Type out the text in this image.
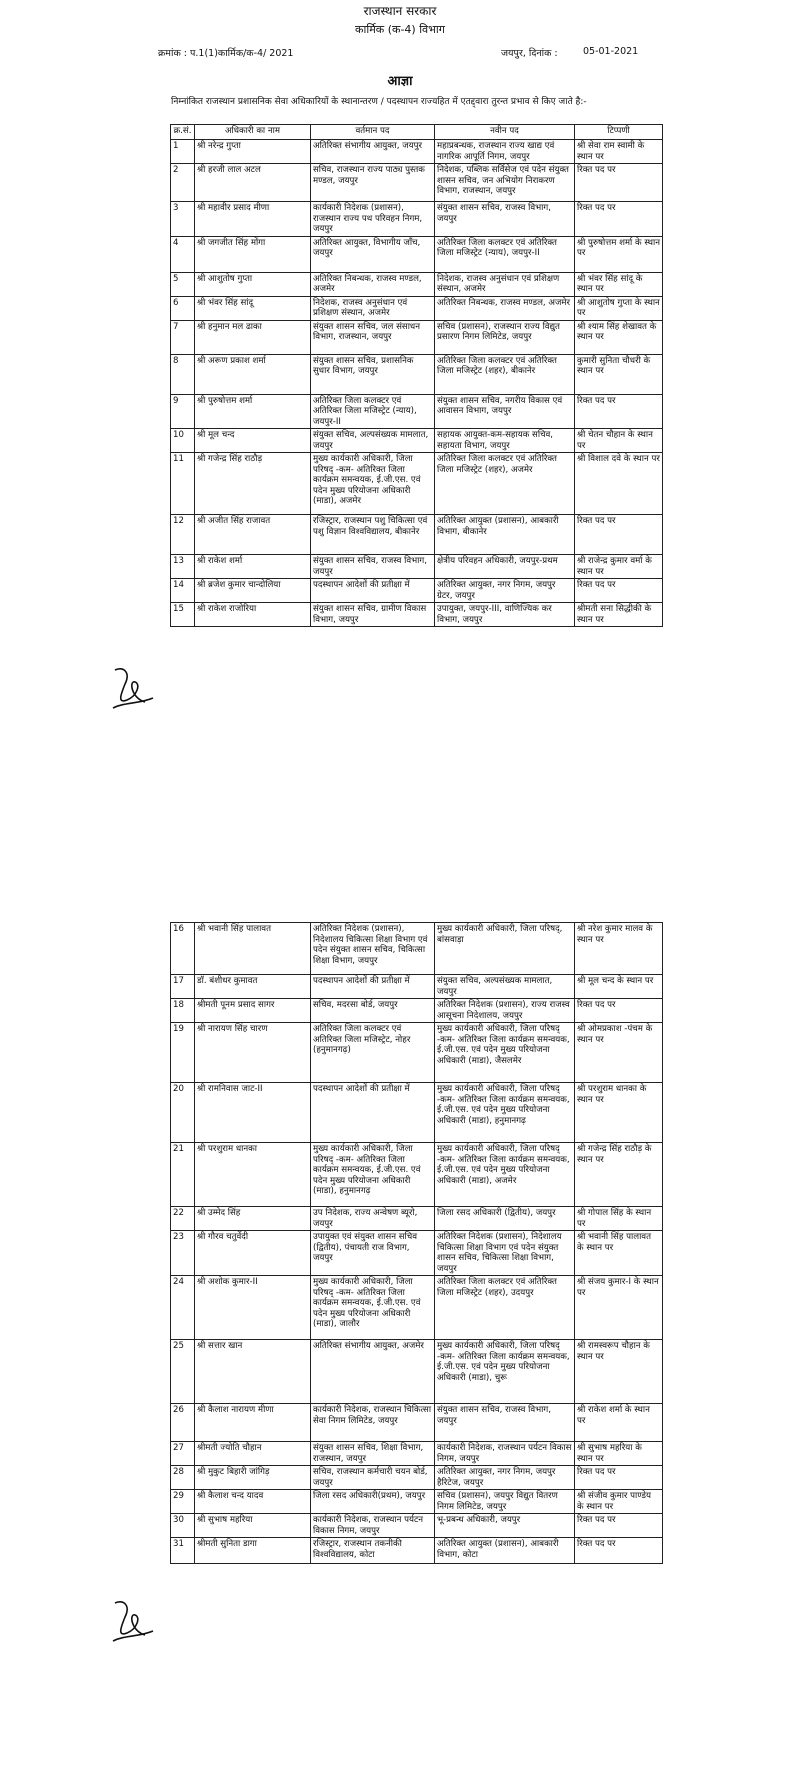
राजस्थान सरकार
कार्मिक (क-4) विभाग
क्रमांक : प.1(1)कार्मिक/क-4/ 2021	जयपुर, दिनांक :	05-01-2021
आज्ञा
निम्नांकित राजस्थान प्रशासनिक सेवा अधिकारियों के स्थानान्तरण / पदस्थापन राज्यहित में एतद्द्वारा तुरन्त प्रभाव से किए जाते है:-
क्र.सं.	अधिकारी का नाम	वर्तमान पद	नवीन पद	टिप्पणी
1	श्री नरेन्द्र गुप्ता	अतिरिक्त संभागीय आयुक्त, जयपुर	महाप्रबन्धक, राजस्थान राज्य खाद्य एवं नागरिक आपूर्ति निगम, जयपुर	श्री सेवा राम स्वामी के स्थान पर
2	श्री हरजी लाल अटल	सचिव, राजस्थान राज्य पाठ्य पुस्तक मण्डल, जयपुर	निदेशक, पब्लिक सर्विसेज एवं पदेन संयुक्त शासन सचिव, जन अभियोग निराकरण विभाग, राजस्थान, जयपुर	रिक्त पद पर
3	श्री महावीर प्रसाद मीणा	कार्यकारी निदेशक (प्रशासन), राजस्थान राज्य पथ परिवहन निगम, जयपुर	संयुक्त शासन सचिव, राजस्व विभाग, जयपुर	रिक्त पद पर
4	श्री जगजीत सिंह मोंगा	अतिरिक्त आयुक्त, विभागीय जाँच, जयपुर	अतिरिक्त जिला कलक्टर एवं अतिरिक्त जिला मजिस्ट्रेट (न्याय), जयपुर-II	श्री पुरुषोत्तम शर्मा के स्थान पर
5	श्री आशुतोष गुप्ता	अतिरिक्त निबन्धक, राजस्व मण्डल, अजमेर	निदेशक, राजस्व अनुसंधान एवं प्रशिक्षण संस्थान, अजमेर	श्री भंवर सिंह सांदू के स्थान पर
6	श्री भंवर सिंह सांदू	निदेशक, राजस्व अनुसंधान एवं प्रशिक्षण संस्थान, अजमेर	अतिरिक्त निबन्धक, राजस्व मण्डल, अजमेर	श्री आशुतोष गुप्ता के स्थान पर
7	श्री हनुमान मल ढाका	संयुक्त शासन सचिव, जल संसाधन विभाग, राजस्थान, जयपुर	सचिव (प्रशासन), राजस्थान राज्य विद्युत प्रसारण निगम लिमिटेड, जयपुर	श्री श्याम सिंह शेखावत के स्थान पर
8	श्री अरूण प्रकाश शर्मा	संयुक्त शासन सचिव, प्रशासनिक सुधार विभाग, जयपुर	अतिरिक्त जिला कलक्टर एवं अतिरिक्त जिला मजिस्ट्रेट (शहर), बीकानेर	कुमारी सुनिता चौधरी के स्थान पर
9	श्री पुरुषोत्तम शर्मा	अतिरिक्त जिला कलक्टर एवं अतिरिक्त जिला मजिस्ट्रेट (न्याय), जयपुर-II	संयुक्त शासन सचिव, नगरीय विकास एवं आवासन विभाग, जयपुर	रिक्त पद पर
10	श्री मूल चन्द	संयुक्त सचिव, अल्पसंख्यक मामलात, जयपुर	सहायक आयुक्त-कम-सहायक सचिव, सहायता विभाग, जयपुर	श्री चेतन चौहान के स्थान पर
11	श्री गजेन्द्र सिंह राठौड़	मुख्य कार्यकारी अधिकारी, जिला परिषद् -कम- अतिरिक्त जिला कार्यक्रम समन्वयक, ई.जी.एस. एवं पदेन मुख्य परियोजना अधिकारी (माडा), अजमेर	अतिरिक्त जिला कलक्टर एवं अतिरिक्त जिला मजिस्ट्रेट (शहर), अजमेर	श्री विशाल दवे के स्थान पर
12	श्री अजीत सिंह राजावत	रजिस्ट्रार, राजस्थान पशु चिकित्सा एवं पशु विज्ञान विश्वविद्यालय, बीकानेर	अतिरिक्त आयुक्त (प्रशासन), आबकारी विभाग, बीकानेर	रिक्त पद पर
13	श्री राकेश शर्मा	संयुक्त शासन सचिव, राजस्व विभाग, जयपुर	क्षेत्रीय परिवहन अधिकारी, जयपुर-प्रथम	श्री राजेन्द्र कुमार वर्मा के स्थान पर
14	श्री ब्रजेश कुमार चान्दोलिया	पदस्थापन आदेशों की प्रतीक्षा में	अतिरिक्त आयुक्त, नगर निगम, जयपुर ग्रेटर, जयपुर	रिक्त पद पर
15	श्री राकेश राजोरिया	संयुक्त शासन सचिव, ग्रामीण विकास विभाग, जयपुर	उपायुक्त, जयपुर-III, वाणिज्यिक कर विभाग, जयपुर	श्रीमती सना सिद्धीकी के स्थान पर
16	श्री भवानी सिंह पालावत	अतिरिक्त निदेशक (प्रशासन), निदेशालय चिकित्सा शिक्षा विभाग एवं पदेन संयुक्त शासन सचिव, चिकित्सा शिक्षा विभाग, जयपुर	मुख्य कार्यकारी अधिकारी, जिला परिषद्, बांसवाड़ा	श्री नरेश कुमार मालव के स्थान पर
17	डॉ. बंशीधर कुमावत	पदस्थापन आदेशों की प्रतीक्षा में	संयुक्त सचिव, अल्पसंख्यक मामलात, जयपुर	श्री मूल चन्द के स्थान पर
18	श्रीमती पूनम प्रसाद सागर	सचिव, मदरसा बोर्ड, जयपुर	अतिरिक्त निदेशक (प्रशासन), राज्य राजस्व आसूचना निदेशालय, जयपुर	रिक्त पद पर
19	श्री नारायण सिंह चारण	अतिरिक्त जिला कलक्टर एवं अतिरिक्त जिला मजिस्ट्रेट, नोहर (हनुमानगढ़)	मुख्य कार्यकारी अधिकारी, जिला परिषद् -कम- अतिरिक्त जिला कार्यक्रम समन्वयक, ई.जी.एस. एवं पदेन मुख्य परियोजना अधिकारी (माडा), जैसलमेर	श्री ओमप्रकाश -पंचम के स्थान पर
20	श्री रामनिवास जाट-II	पदस्थापन आदेशों की प्रतीक्षा में	मुख्य कार्यकारी अधिकारी, जिला परिषद् -कम- अतिरिक्त जिला कार्यक्रम समन्वयक, ई.जी.एस. एवं पदेन मुख्य परियोजना अधिकारी (माडा), हनुमानगढ़	श्री परशुराम धानका के स्थान पर
21	श्री परशुराम धानका	मुख्य कार्यकारी अधिकारी, जिला परिषद् -कम- अतिरिक्त जिला कार्यक्रम समन्वयक, ई.जी.एस. एवं पदेन मुख्य परियोजना अधिकारी (माडा), हनुमानगढ़	मुख्य कार्यकारी अधिकारी, जिला परिषद् -कम- अतिरिक्त जिला कार्यक्रम समन्वयक, ई.जी.एस. एवं पदेन मुख्य परियोजना अधिकारी (माडा), अजमेर	श्री गजेन्द्र सिंह राठौड़ के स्थान पर
22	श्री उम्मेद सिंह	उप निदेशक, राज्य अन्वेषण ब्यूरो, जयपुर	जिला रसद अधिकारी (द्वितीय), जयपुर	श्री गोपाल सिंह के स्थान पर
23	श्री गौरव चतुर्वेदी	उपायुक्त एवं संयुक्त शासन सचिव (द्वितीय), पंचायती राज विभाग, जयपुर	अतिरिक्त निदेशक (प्रशासन), निदेशालय चिकित्सा शिक्षा विभाग एवं पदेन संयुक्त शासन सचिव, चिकित्सा शिक्षा विभाग, जयपुर	श्री भवानी सिंह पालावत के स्थान पर
24	श्री अशोक कुमार-II	मुख्य कार्यकारी अधिकारी, जिला परिषद् -कम- अतिरिक्त जिला कार्यक्रम समन्वयक, ई.जी.एस. एवं पदेन मुख्य परियोजना अधिकारी (माडा), जालौर	अतिरिक्त जिला कलक्टर एवं अतिरिक्त जिला मजिस्ट्रेट (शहर), उदयपुर	श्री संजय कुमार-I के स्थान पर
25	श्री सत्तार खान	अतिरिक्त संभागीय आयुक्त, अजमेर	मुख्य कार्यकारी अधिकारी, जिला परिषद् -कम- अतिरिक्त जिला कार्यक्रम समन्वयक, ई.जी.एस. एवं पदेन मुख्य परियोजना अधिकारी (माडा), चुरू	श्री रामस्वरूप चौहान के स्थान पर
26	श्री कैलाश नारायण मीणा	कार्यकारी निदेशक, राजस्थान चिकित्सा सेवा निगम लिमिटेड, जयपुर	संयुक्त शासन सचिव, राजस्व विभाग, जयपुर	श्री राकेश शर्मा के स्थान पर
27	श्रीमती ज्योति चौहान	संयुक्त शासन सचिव, शिक्षा विभाग, राजस्थान, जयपुर	कार्यकारी निदेशक, राजस्थान पर्यटन विकास निगम, जयपुर	श्री सुभाष महरिया के स्थान पर
28	श्री मुकुट बिहारी जांगिड़	सचिव, राजस्थान कर्मचारी चयन बोर्ड, जयपुर	अतिरिक्त आयुक्त, नगर निगम, जयपुर हैरिटेज, जयपुर	रिक्त पद पर
29	श्री कैलाश चन्द यादव	जिला रसद अधिकारी(प्रथम), जयपुर	सचिव (प्रशासन), जयपुर विद्युत वितरण निगम लिमिटेड, जयपुर	श्री संजीव कुमार पाण्डेय के स्थान पर
30	श्री सुभाष महरिया	कार्यकारी निदेशक, राजस्थान पर्यटन विकास निगम, जयपुर	भू-प्रबन्ध अधिकारी, जयपुर	रिक्त पद पर
31	श्रीमती सुनिता डागा	रजिस्ट्रार, राजस्थान तकनीकी विश्वविद्यालय, कोटा	अतिरिक्त आयुक्त (प्रशासन), आबकारी विभाग, कोटा	रिक्त पद पर
